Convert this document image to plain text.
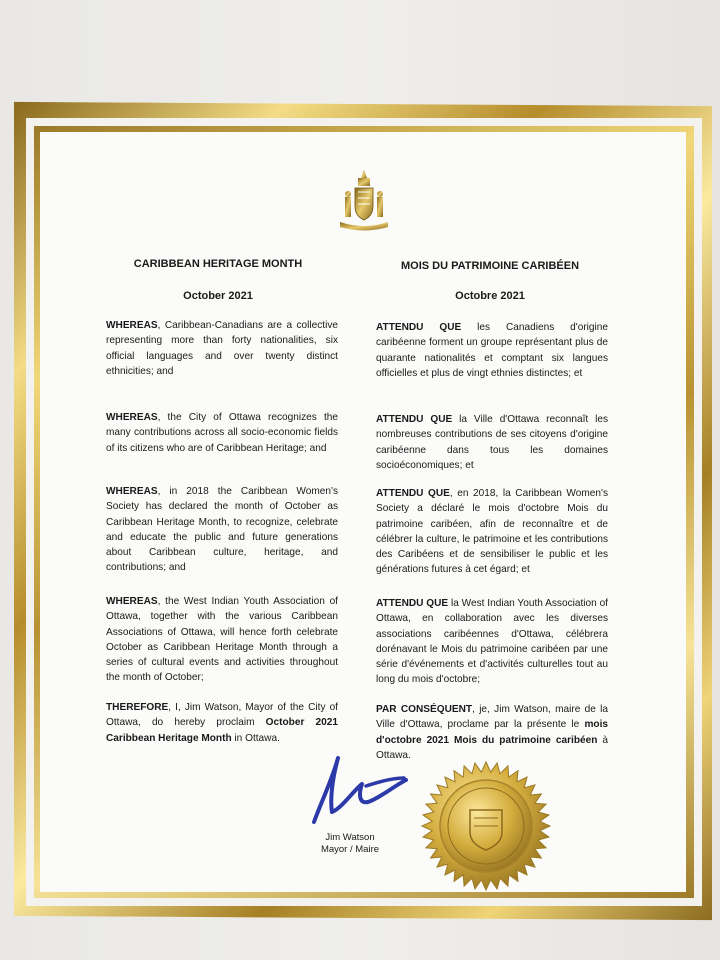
CARIBBEAN HERITAGE MONTH
October 2021
WHEREAS, Caribbean-Canadians are a collective representing more than forty nationalities, six official languages and over twenty distinct ethnicities; and
WHEREAS, the City of Ottawa recognizes the many contributions across all socio-economic fields of its citizens who are of Caribbean Heritage; and
WHEREAS, in 2018 the Caribbean Women's Society has declared the month of October as Caribbean Heritage Month, to recognize, celebrate and educate the public and future generations about Caribbean culture, heritage, and contributions; and
WHEREAS, the West Indian Youth Association of Ottawa, together with the various Caribbean Associations of Ottawa, will hence forth celebrate October as Caribbean Heritage Month through a series of cultural events and activities throughout the month of October;
THEREFORE, I, Jim Watson, Mayor of the City of Ottawa, do hereby proclaim October 2021 Caribbean Heritage Month in Ottawa.
MOIS DU PATRIMOINE CARIBÉEN
Octobre 2021
ATTENDU QUE les Canadiens d'origine caribéenne forment un groupe représentant plus de quarante nationalités et comptant six langues officielles et plus de vingt ethnies distinctes; et
ATTENDU QUE la Ville d'Ottawa reconnaît les nombreuses contributions de ses citoyens d'origine caribéenne dans tous les domaines socioéconomiques; et
ATTENDU QUE, en 2018, la Caribbean Women's Society a déclaré le mois d'octobre Mois du patrimoine caribéen, afin de reconnaître et de célébrer la culture, le patrimoine et les contributions des Caribéens et de sensibiliser le public et les générations futures à cet égard; et
ATTENDU QUE la West Indian Youth Association of Ottawa, en collaboration avec les diverses associations caribéennes d'Ottawa, célébrera dorénavant le Mois du patrimoine caribéen par une série d'événements et d'activités culturelles tout au long du mois d'octobre;
PAR CONSÉQUENT, je, Jim Watson, maire de la Ville d'Ottawa, proclame par la présente le mois d'octobre 2021 Mois du patrimoine caribéen à Ottawa.
Jim Watson
Mayor / Maire
